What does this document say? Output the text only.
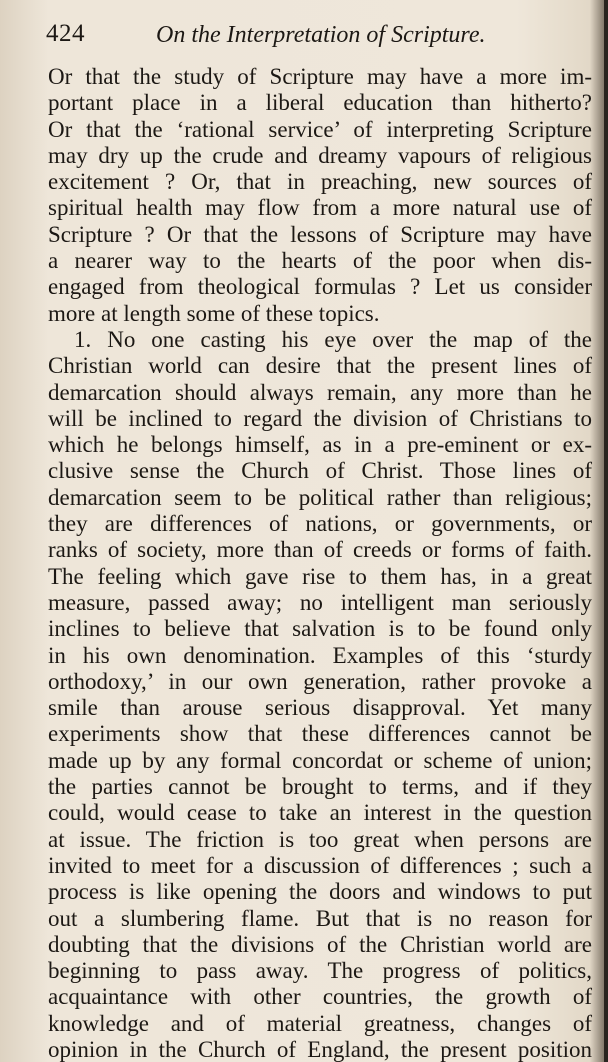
424	On the Interpretation of Scripture.
Or that the study of Scripture may have a more im-
portant place in a liberal education than hitherto?
Or that the ‘rational service’ of interpreting Scripture
may dry up the crude and dreamy vapours of religious
excitement ? Or, that in preaching, new sources of
spiritual health may flow from a more natural use of
Scripture ? Or that the lessons of Scripture may have
a nearer way to the hearts of the poor when dis-
engaged from theological formulas ? Let us consider
more at length some of these topics.
1. No one casting his eye over the map of the
Christian world can desire that the present lines of
demarcation should always remain, any more than he
will be inclined to regard the division of Christians to
which he belongs himself, as in a pre-eminent or ex-
clusive sense the Church of Christ. Those lines of
demarcation seem to be political rather than religious;
they are differences of nations, or governments, or
ranks of society, more than of creeds or forms of faith.
The feeling which gave rise to them has, in a great
measure, passed away; no intelligent man seriously
inclines to believe that salvation is to be found only
in his own denomination. Examples of this ‘sturdy
orthodoxy,’ in our own generation, rather provoke a
smile than arouse serious disapproval. Yet many
experiments show that these differences cannot be
made up by any formal concordat or scheme of union;
the parties cannot be brought to terms, and if they
could, would cease to take an interest in the question
at issue. The friction is too great when persons are
invited to meet for a discussion of differences ; such a
process is like opening the doors and windows to put
out a slumbering flame. But that is no reason for
doubting that the divisions of the Christian world are
beginning to pass away. The progress of politics,
acquaintance with other countries, the growth of
knowledge and of material greatness, changes of
opinion in the Church of England, the present position
